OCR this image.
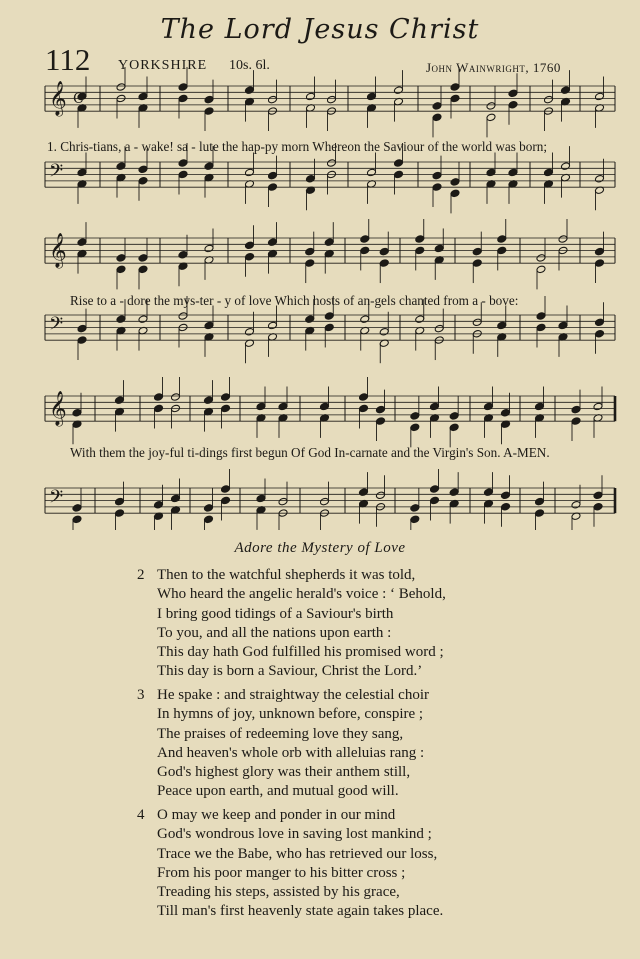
The Lord Jesus Christ
112 YORKSHIRE 10s. 6l.	John Wainwright, 1760
𝄞
𝄢
C
𝄞
𝄢
𝄞
𝄢
1. Chris-tians, a - wake! sa - lute the hap-py morn Whereon the Saviour of the world was born;
Rise to a - dore the mys-ter - y of love Which hosts of an-gels chanted from a - bove:
With them the joy-ful ti-dings first begun Of God In-carnate and the Virgin's Son. A-MEN.
Adore the Mystery of Love
2 Then to the watchful shepherds it was told,
Who heard the angelic herald's voice : ‘ Behold,
I bring good tidings of a Saviour's birth
To you, and all the nations upon earth :
This day hath God fulfilled his promised word ;
This day is born a Saviour, Christ the Lord.’
3 He spake : and straightway the celestial choir
In hymns of joy, unknown before, conspire ;
The praises of redeeming love they sang,
And heaven's whole orb with alleluias rang :
God's highest glory was their anthem still,
Peace upon earth, and mutual good will.
4 O may we keep and ponder in our mind
God's wondrous love in saving lost mankind ;
Trace we the Babe, who has retrieved our loss,
From his poor manger to his bitter cross ;
Treading his steps, assisted by his grace,
Till man's first heavenly state again takes place.
